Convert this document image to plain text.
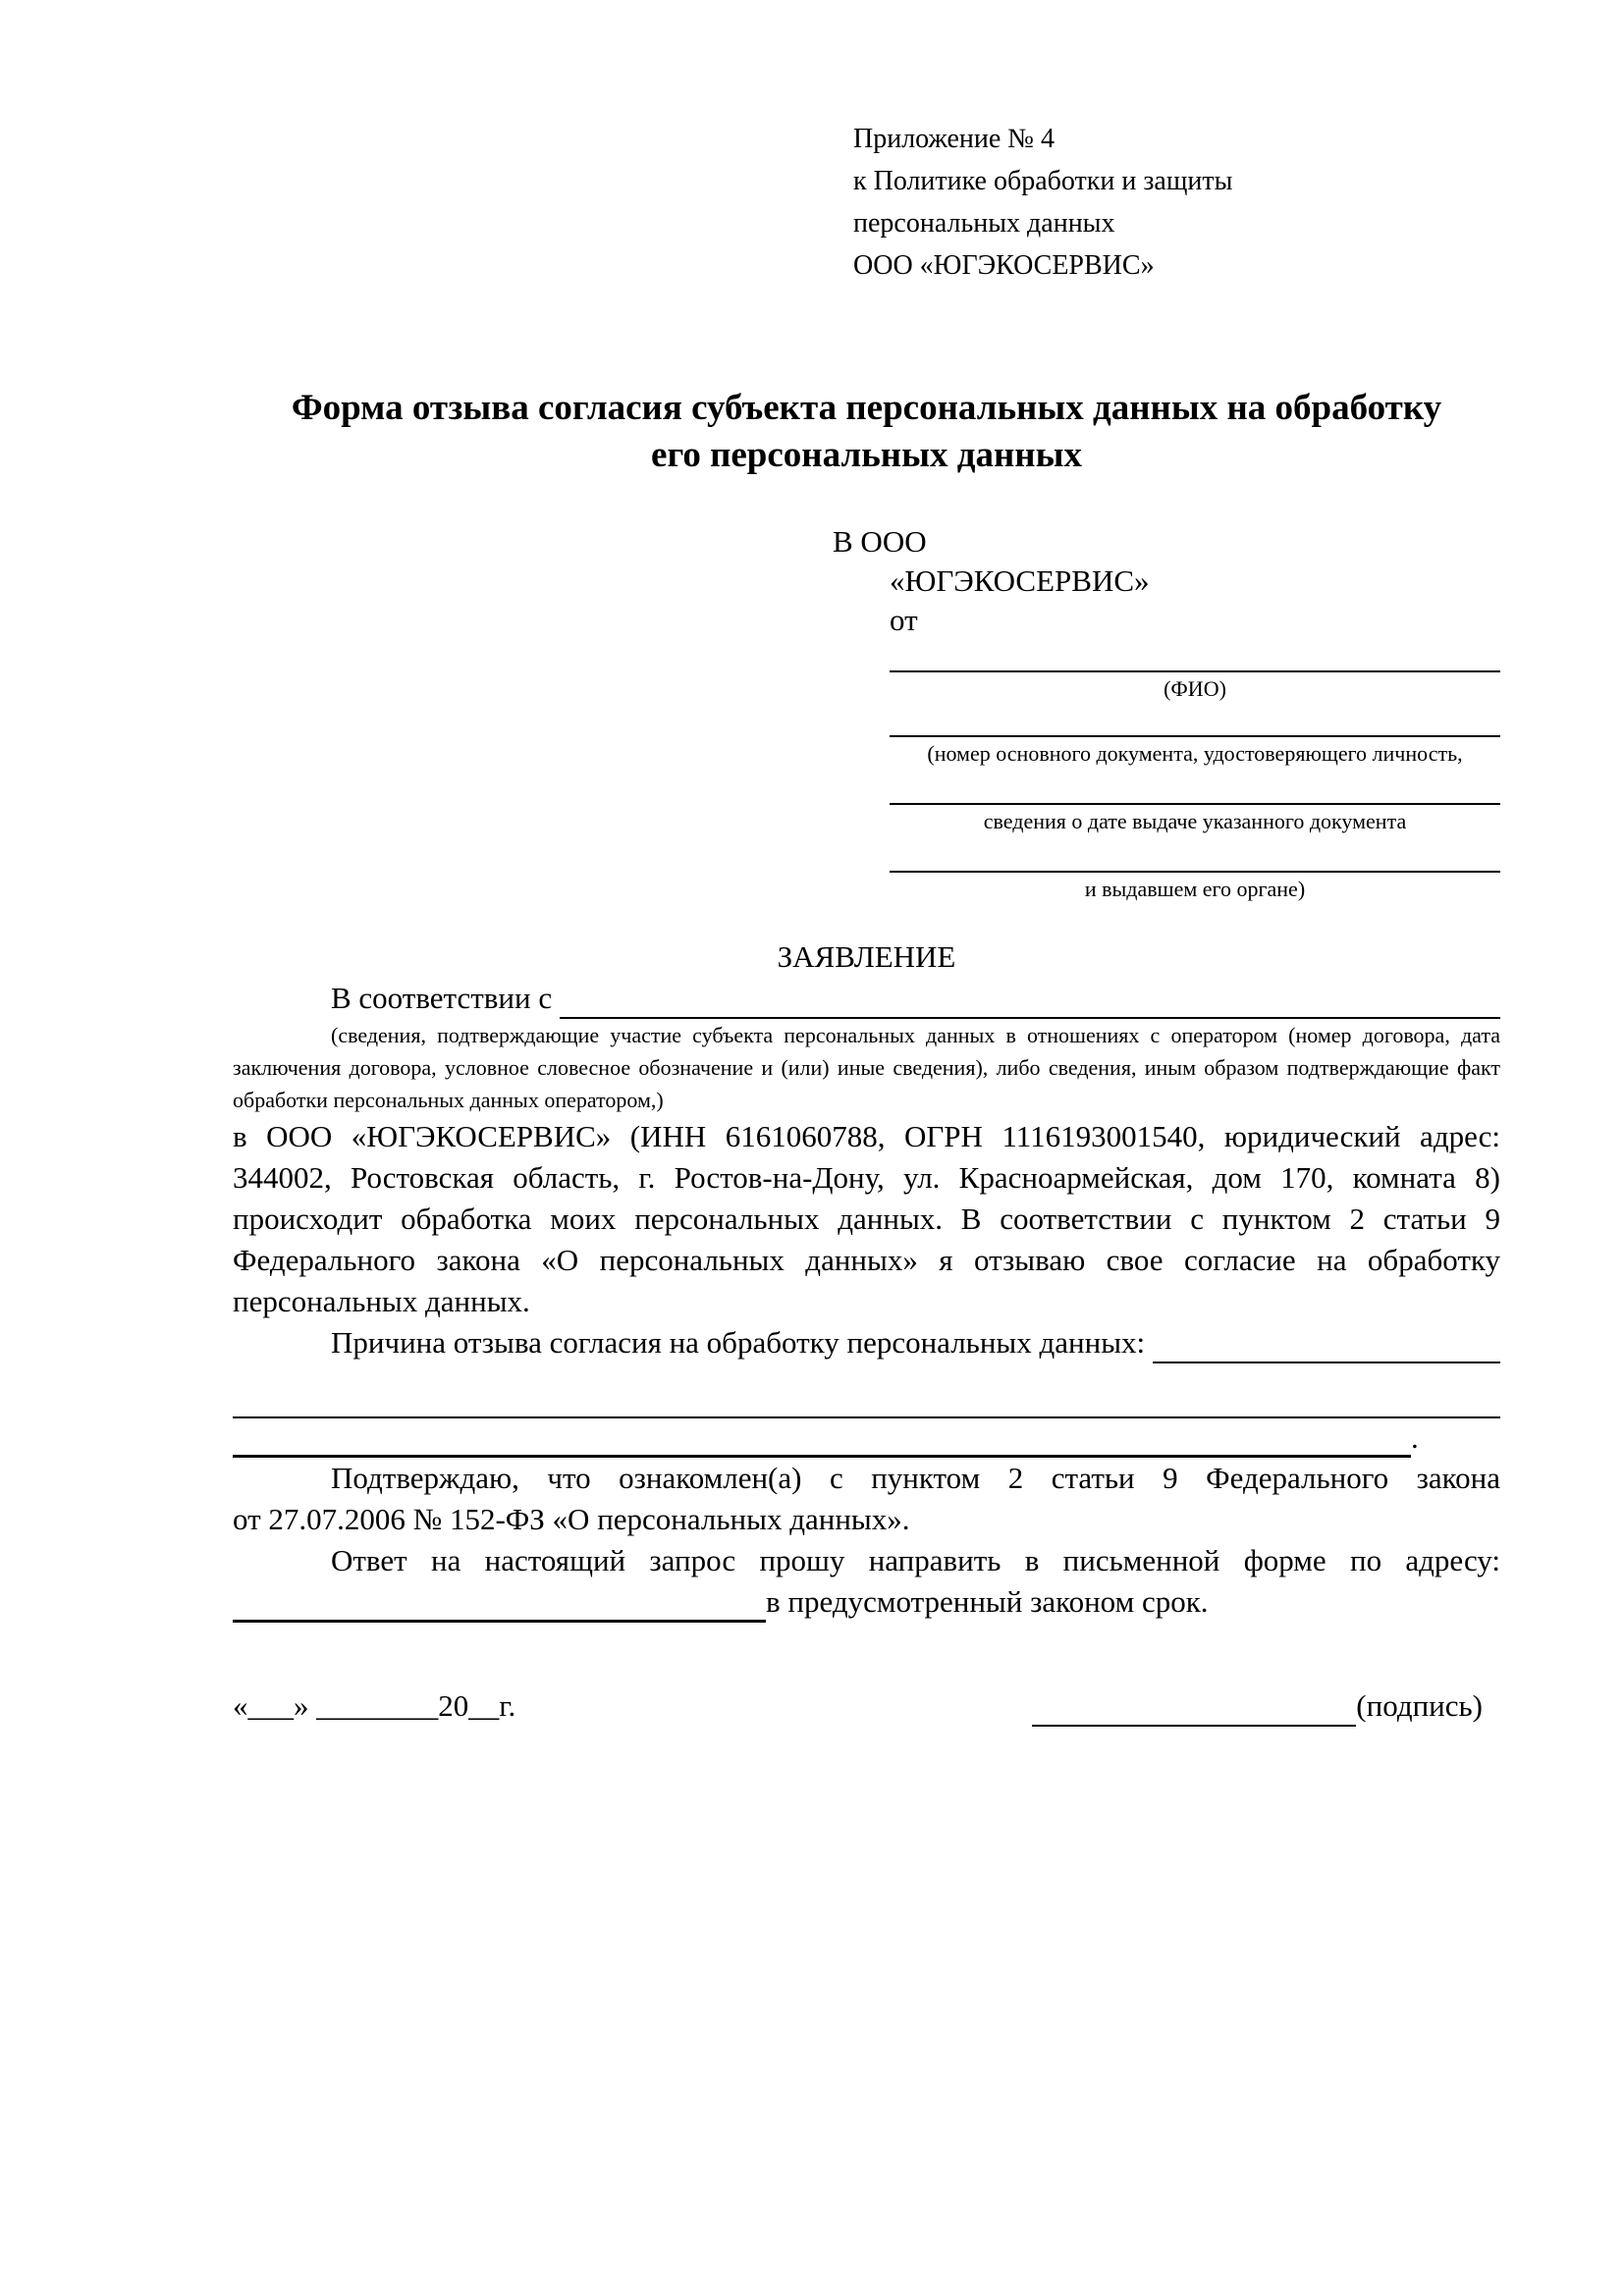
Приложение № 4
к Политике обработки и защиты
персональных данных
ООО «ЮГЭКОСЕРВИС»
Форма отзыва согласия субъекта персональных данных на обработку
его персональных данных
В ООО
«ЮГЭКОСЕРВИС»
от
(ФИО)
(номер основного документа, удостоверяющего личность,
сведения о дате выдаче указанного документа
и выдавшем его органе)
ЗАЯВЛЕНИЕ
В соответствии с

(сведения, подтверждающие участие субъекта персональных данных в отношениях с оператором (номер договора, дата
заключения договора, условное словесное обозначение и (или) иные сведения), либо сведения, иным образом подтверждающие факт
обработки персональных данных оператором,)
в ООО «ЮГЭКОСЕРВИС» (ИНН 6161060788, ОГРН 1116193001540, юридический адрес:
344002, Ростовская область, г. Ростов-на-Дону, ул. Красноармейская, дом 170, комната 8)
происходит обработка моих персональных данных. В соответствии с пунктом 2 статьи 9
Федерального закона «О персональных данных» я отзываю свое согласие на обработку
персональных данных.
Причина отзыва согласия на обработку персональных данных:

.
Подтверждаю, что ознакомлен(а) с пунктом 2 статьи 9 Федерального закона
от 27.07.2006 № 152-ФЗ «О персональных данных».
Ответ на настоящий запрос прошу направить в письменной форме по адресу:
в предусмотренный законом срок.
«___» ________20__г.	(подпись)
